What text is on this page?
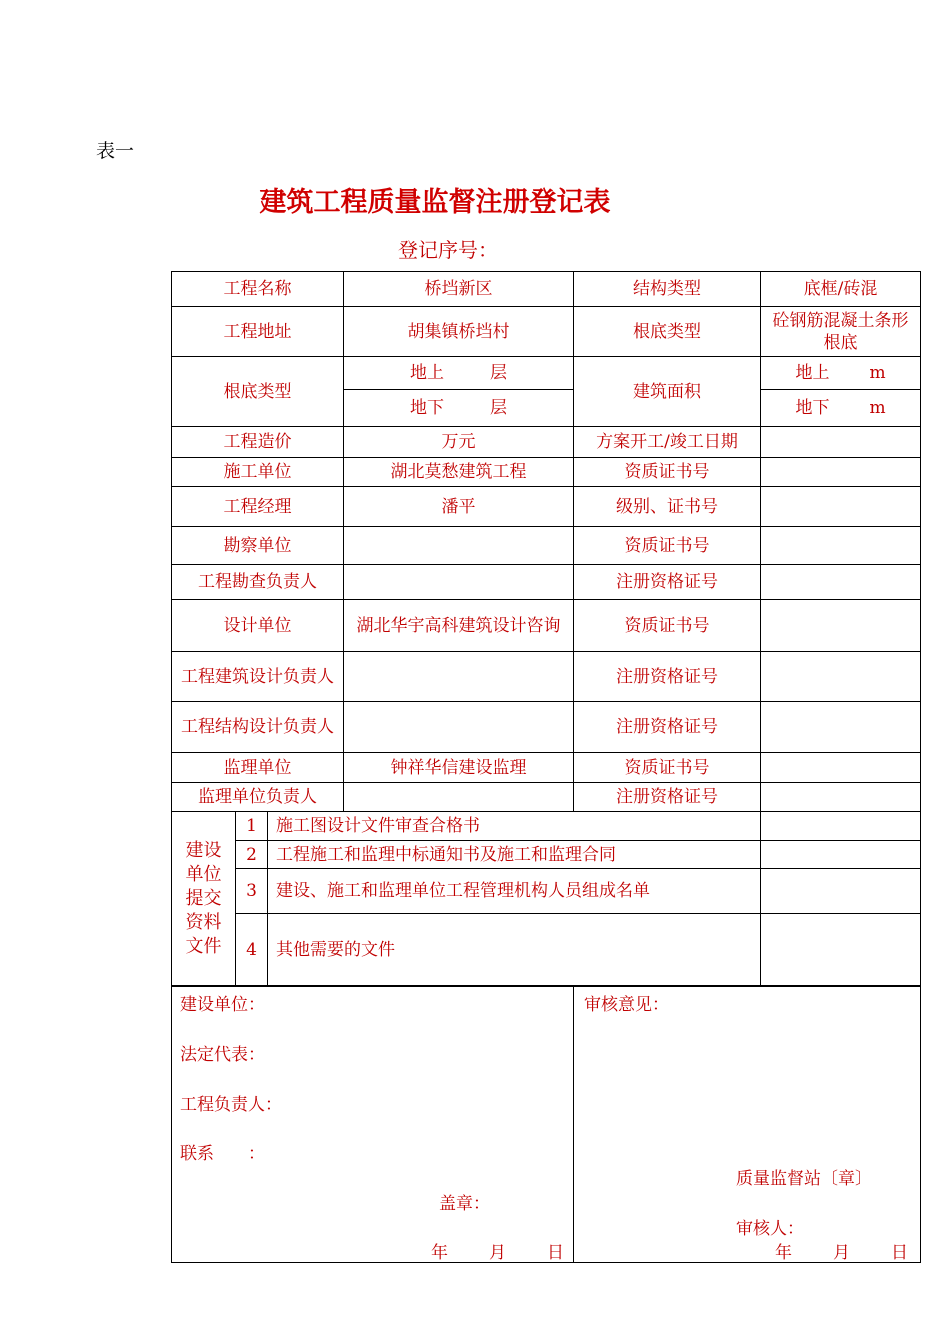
表一
建筑工程质量监督注册登记表
登记序号：
工程名称			桥垱新区	结构类型	底框/砖混
工程地址			胡集镇桥垱村	根底类型	砼钢筋混凝土条形根底
根底类型			地上 层	建筑面积	地上 m
			地下 层		地下 m
工程造价			万元	方案开工/竣工日期	
施工单位			湖北莫愁建筑工程	资质证书号	
工程经理			潘平	级别、证书号	
勘察单位				资质证书号	
工程勘查负责人				注册资格证号	
设计单位			湖北华宇高科建筑设计咨询	资质证书号	
工程建筑设计负责人				注册资格证号	
工程结构设计负责人				注册资格证号	
监理单位			钟祥华信建设监理	资质证书号	
监理单位负责人				注册资格证号	
建设单位提交资料文件	1	施工图设计文件审查合格书			
	2	工程施工和监理中标通知书及施工和监理合同			
	3	建设、施工和监理单位工程管理机构人员组成名单			
	4	其他需要的文件			
建设单位：
法定代表：
工程负责人：
联系　　：
盖章：
年 月 日

审核意见：
质量监督站〔章〕
审核人：
年 月 日
